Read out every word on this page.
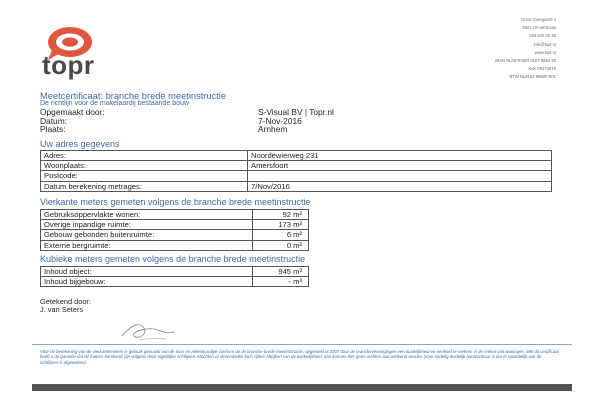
topr
Groot Overgaerd 4
6921 HA Vertrouw
024 820 00 40
info@topr.nl
www.topr.nl
IBAN NL08 RABO 0107 9864 93
KvK 09174819
BTW NL8164 96920 B01
Meetcertificaat: branche brede meetinstructie
De richtlijn voor de makelaardij bestaande bouw
Opgemaakt door:	S-Visual BV | Topr.nl
Datum:	7-Nov-2016
Plaats:	Arnhem
Uw adres gegevens
Adres:	Noordewierweg 231
Woonplaats:	Amersfoort
Postcode:	
Datum berekening metrages:	7/Nov/2016
Vierkante meters gemeten volgens de branche brede meetinstructie
Gebruiksoppervlakte wonen:	92 m²
Overige inpandige ruimte:	173 m²
Gebouw gebonden buitenruimte:	6 m²
Externe bergruimte:	0 m²
Kubieke meters gemeten volgens de branche brede meetinstructie
Inhoud object:	945 m³
Inhoud bijgebouw:	- m³
Getekend door:
J. van Seters
Voor de berekening van de vierkantemeters is gebruik gemaakt van de door en rekenkundige conform de de branche brede meetinstructie, opgesteld in 2007 door de brancheverenigingen een duidelijkheid en eenheid te creëren in de meten van woningen. Met dit certificaat heeft u de garantie dat de meters berekend zijn volgens deze eigenlijke richtlijnen. Mochten er desondanks toch cijfers afwijken van de werkelijkheid, dan kunnen hier geen rechten aan ontleend worden (voor nadelig duidelijk aantoonbaar is dat er opzettelijk van de richtlijnen is afgeweken).
